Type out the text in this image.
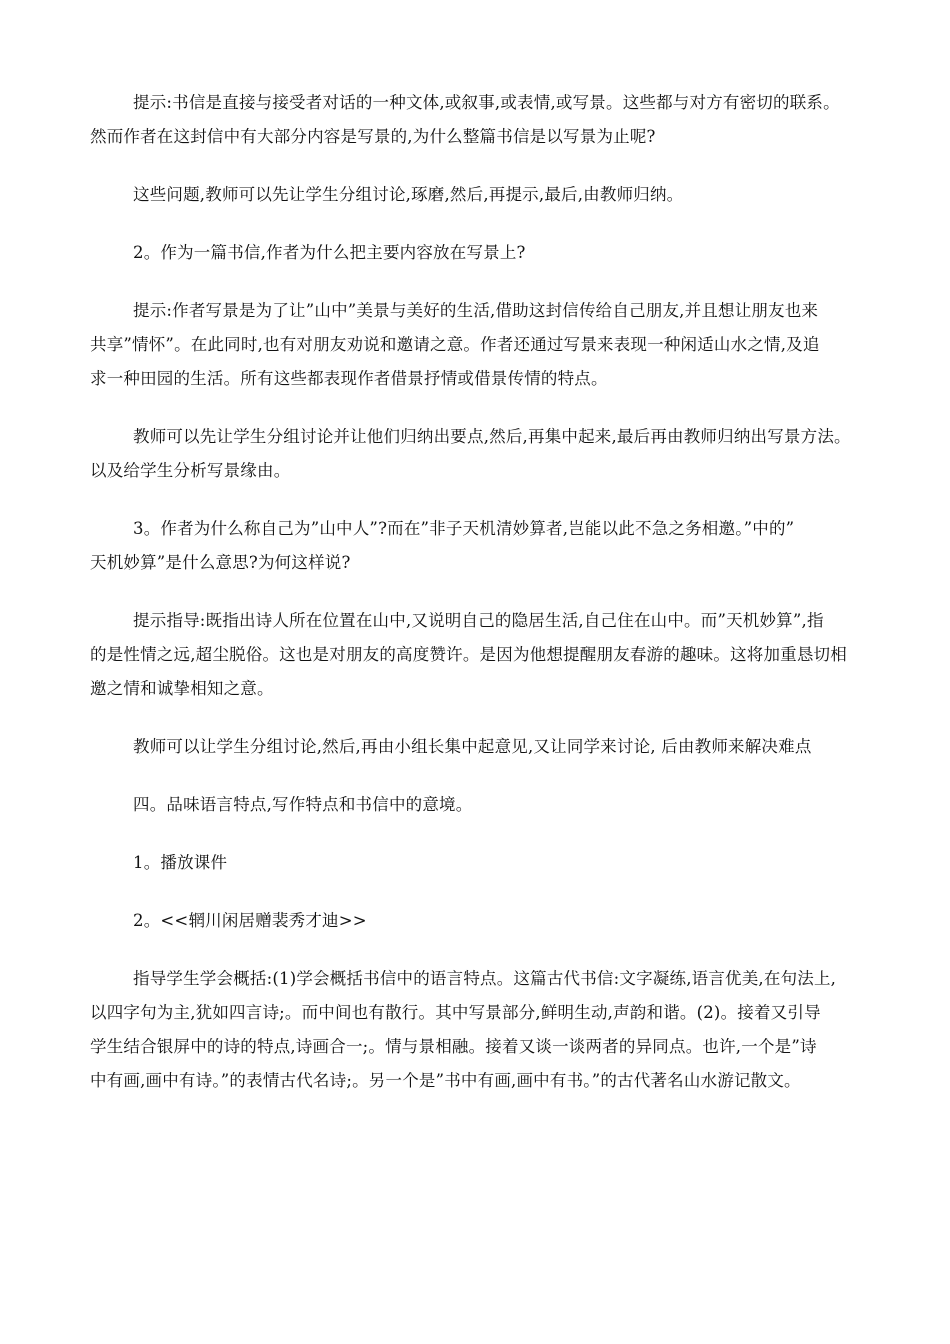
提示:书信是直接与接受者对话的一种文体,或叙事,或表情,或写景。这些都与对方有密切的联系。
然而作者在这封信中有大部分内容是写景的,为什么整篇书信是以写景为止呢?

这些问题,教师可以先让学生分组讨论,琢磨,然后,再提示,最后,由教师归纳。

2。作为一篇书信,作者为什么把主要内容放在写景上?

提示:作者写景是为了让”山中”美景与美好的生活,借助这封信传给自己朋友,并且想让朋友也来
共享”情怀”。在此同时,也有对朋友劝说和邀请之意。作者还通过写景来表现一种闲适山水之情,及追
求一种田园的生活。所有这些都表现作者借景抒情或借景传情的特点。

教师可以先让学生分组讨论并让他们归纳出要点,然后,再集中起来,最后再由教师归纳出写景方法。
以及给学生分析写景缘由。

3。作者为什么称自己为”山中人”?而在”非子天机清妙算者,岂能以此不急之务相邀。”中的”
天机妙算”是什么意思?为何这样说?

提示指导:既指出诗人所在位置在山中,又说明自己的隐居生活,自己住在山中。而”天机妙算”,指
的是性情之远,超尘脱俗。这也是对朋友的高度赞许。是因为他想提醒朋友春游的趣味。这将加重恳切相
邀之情和诚挚相知之意。

教师可以让学生分组讨论,然后,再由小组长集中起意见,又让同学来讨论, 后由教师来解决难点

四。品味语言特点,写作特点和书信中的意境。

1。播放课件

2。<<辋川闲居赠裴秀才迪>>

指导学生学会概括:(1)学会概括书信中的语言特点。这篇古代书信:文字凝练,语言优美,在句法上,
以四字句为主,犹如四言诗;。而中间也有散行。其中写景部分,鲜明生动,声韵和谐。(2)。接着又引导
学生结合银屏中的诗的特点,诗画合一;。情与景相融。接着又谈一谈两者的异同点。也许,一个是”诗
中有画,画中有诗。”的表情古代名诗;。另一个是”书中有画,画中有书。”的古代著名山水游记散文。
